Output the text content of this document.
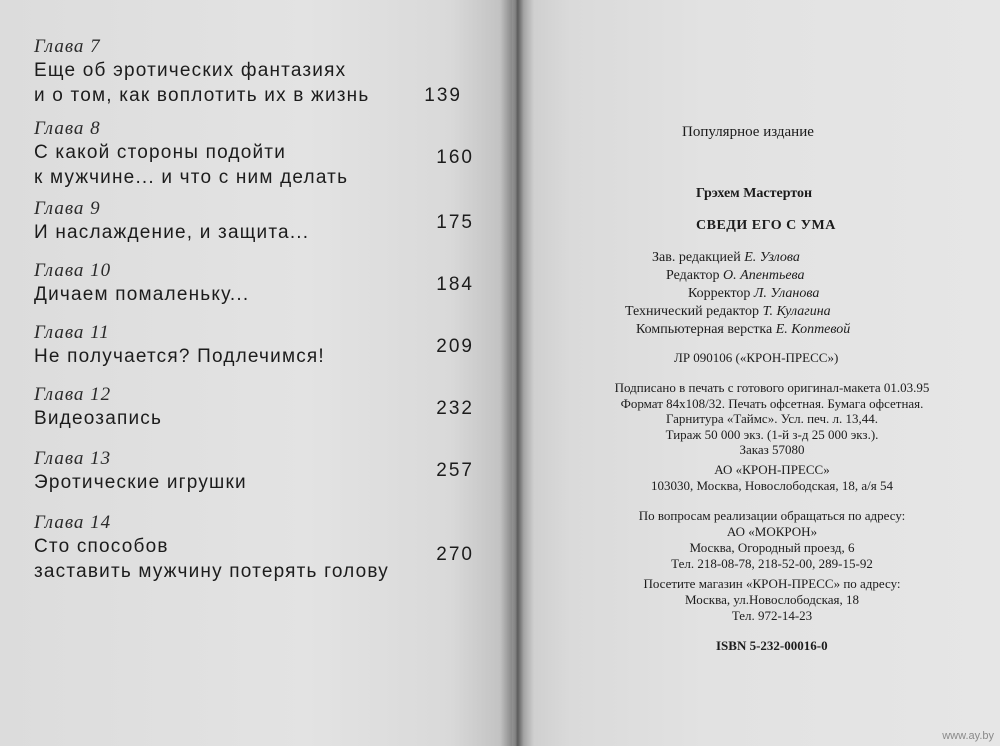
Глава 7
Еще об эротических фантазиях
и о том, как воплотить их в жизнь	139
Глава 8
С какой стороны подойти
к мужчине... и что с ним делать
160
Глава 9
И наслаждение, и защита...	175
Глава 10
Дичаем помаленьку...	184
Глава 11
Не получается? Подлечимся!	209
Глава 12
Видеозапись	232
Глава 13
Эротические игрушки
257
Глава 14
Сто способов
заставить мужчину потерять голову
270
Популярное издание
Грэхем Мастертон
СВЕДИ ЕГО С УМА
Зав. редакцией Е. Узлова
Редактор О. Апентьева
Корректор Л. Уланова
Технический редактор Т. Кулагина
Компьютерная верстка Е. Коптевой
ЛР 090106 («КРОН-ПРЕСС»)
Подписано в печать с готового оригинал-макета 01.03.95
Формат 84х108/32. Печать офсетная. Бумага офсетная.
Гарнитура «Таймс». Усл. печ. л. 13,44.
Тираж 50 000 экз. (1-й з-д 25 000 экз.).
Заказ 57080
АО «КРОН-ПРЕСС»
103030, Москва, Новослободская, 18, а/я 54
По вопросам реализации обращаться по адресу:
АО «МОКРОН»
Москва, Огородный проезд, 6
Тел. 218-08-78, 218-52-00, 289-15-92
Посетите магазин «КРОН-ПРЕСС» по адресу:
Москва, ул.Новослободская, 18
Тел. 972-14-23
ISBN 5-232-00016-0
www.ay.by
